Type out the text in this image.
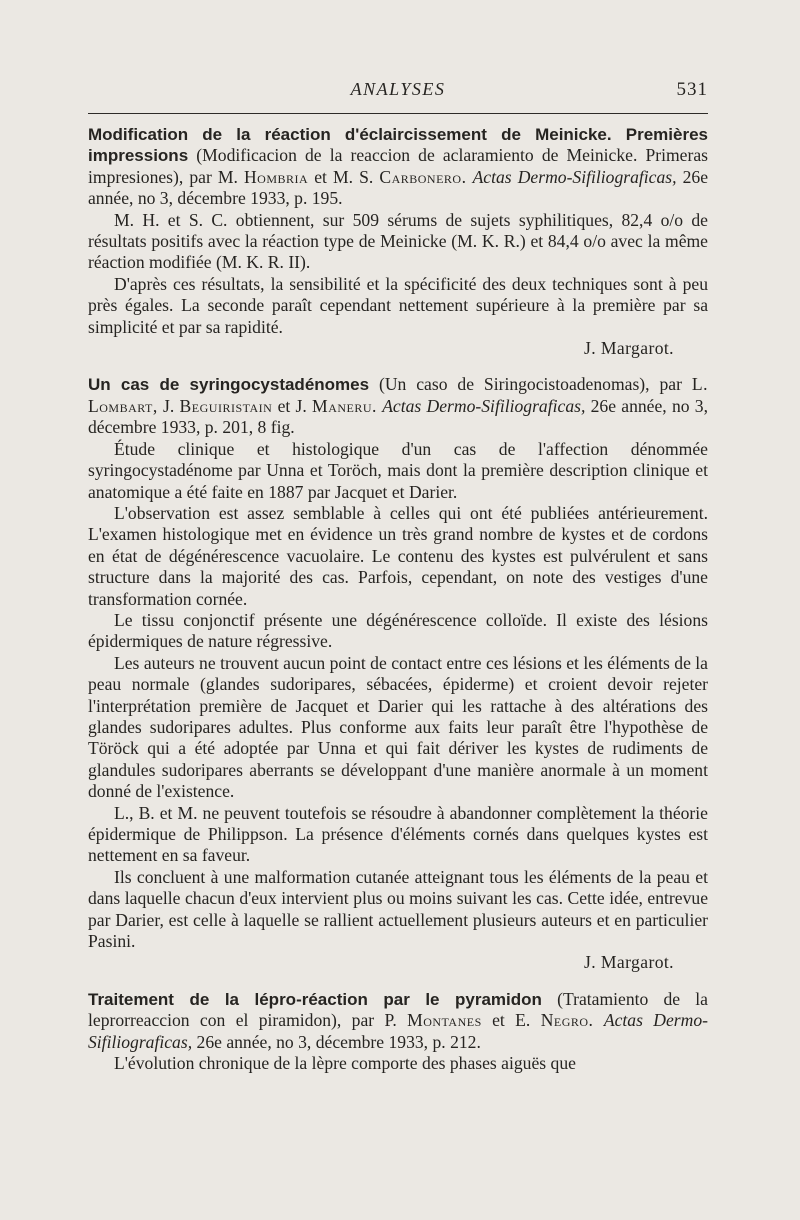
ANALYSES	531

Modification de la réaction d'éclaircissement de Meinicke. Premières impressions (Modificacion de la reaccion de aclaramiento de Meinicke. Primeras impresiones), par M. Hombria et M. S. Carbonero. Actas Dermo-Sifiliograficas, 26e année, no 3, décembre 1933, p. 195.

M. H. et S. C. obtiennent, sur 509 sérums de sujets syphilitiques, 82,4 o/o de résultats positifs avec la réaction type de Meinicke (M. K. R.) et 84,4 o/o avec la même réaction modifiée (M. K. R. II).

D'après ces résultats, la sensibilité et la spécificité des deux techniques sont à peu près égales. La seconde paraît cependant nettement supérieure à la première par sa simplicité et par sa rapidité.

J. Margarot.

Un cas de syringocystadénomes (Un caso de Siringocistoadenomas), par L. Lombart, J. Beguiristain et J. Maneru. Actas Dermo-Sifiliograficas, 26e année, no 3, décembre 1933, p. 201, 8 fig.

Étude clinique et histologique d'un cas de l'affection dénommée syringocystadénome par Unna et Toröch, mais dont la première description clinique et anatomique a été faite en 1887 par Jacquet et Darier.

L'observation est assez semblable à celles qui ont été publiées antérieurement. L'examen histologique met en évidence un très grand nombre de kystes et de cordons en état de dégénérescence vacuolaire. Le contenu des kystes est pulvérulent et sans structure dans la majorité des cas. Parfois, cependant, on note des vestiges d'une transformation cornée.

Le tissu conjonctif présente une dégénérescence colloïde. Il existe des lésions épidermiques de nature régressive.

Les auteurs ne trouvent aucun point de contact entre ces lésions et les éléments de la peau normale (glandes sudoripares, sébacées, épiderme) et croient devoir rejeter l'interprétation première de Jacquet et Darier qui les rattache à des altérations des glandes sudoripares adultes. Plus conforme aux faits leur paraît être l'hypothèse de Töröck qui a été adoptée par Unna et qui fait dériver les kystes de rudiments de glandules sudoripares aberrants se développant d'une manière anormale à un moment donné de l'existence.

L., B. et M. ne peuvent toutefois se résoudre à abandonner complètement la théorie épidermique de Philippson. La présence d'éléments cornés dans quelques kystes est nettement en sa faveur.

Ils concluent à une malformation cutanée atteignant tous les éléments de la peau et dans laquelle chacun d'eux intervient plus ou moins suivant les cas. Cette idée, entrevue par Darier, est celle à laquelle se rallient actuellement plusieurs auteurs et en particulier Pasini.

J. Margarot.

Traitement de la lépro-réaction par le pyramidon (Tratamiento de la leprorreaccion con el piramidon), par P. Montanes et E. Negro. Actas Dermo-Sifiliograficas, 26e année, no 3, décembre 1933, p. 212.

L'évolution chronique de la lèpre comporte des phases aiguës que
